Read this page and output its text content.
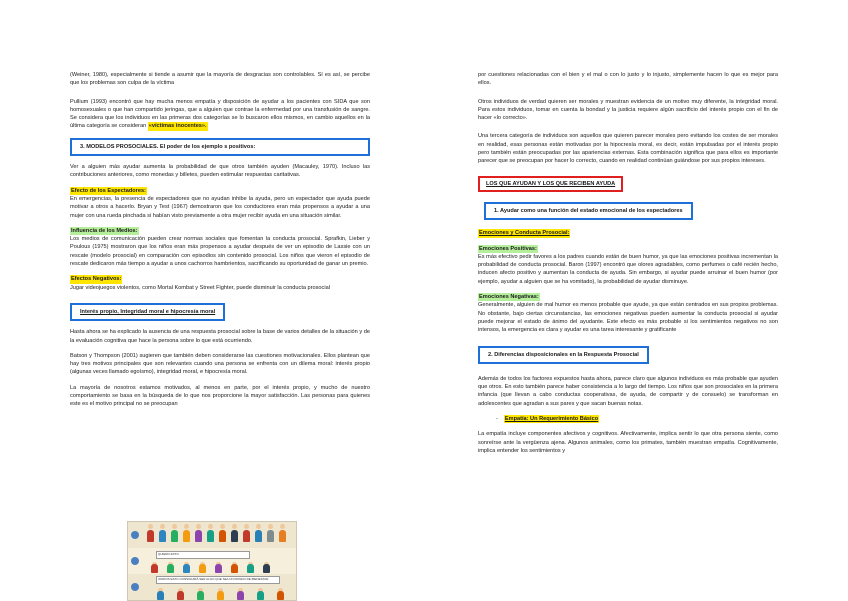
(Weiner, 1980), especialmente si tiende a asumir que la mayoría de desgracias son controlables. Sí es así, se percibe que los problemas son culpa de la víctima

Pullium (1993) encontró que hay mucha menos empatía y disposición de ayudar a los pacientes con SIDA que son homosexuales o que han compartido jeringas, que a alguien que contrae la enfermedad por una transfusión de sangre. Se considera que los individuos en las primeras dos categorías se lo buscaron ellos mismos, en cambio aquellos en la última categoría se consideran «víctimas inocentes».

3. MODELOS PROSOCIALES. El poder de los ejemplo s positivos:

Ver a alguien más ayudar aumenta la probabilidad de que otros también ayuden (Macauley, 1970). Incluso las contribuciones anteriores, como monedas y billetes, pueden estimular respuestas caritativas.

Efecto de los Espectadores:

En emergencias, la presencia de espectadores que no ayudan inhibe la ayuda, pero un espectador que ayuda puede motivar a otros a hacerlo. Bryan y Test (1967) demostraron que los conductores eran más propensos a ayudar a una mujer con una rueda pinchada si habían visto previamente a otra mujer recibir ayuda en una situación similar.

Influencia de los Medios:

Los medios de comunicación pueden crear normas sociales que fomentan la conducta prosocial. Sprafkin, Lieber y Poulous (1975) mostraron que los niños eran más propensos a ayudar después de ver un episodio de Lassie con un rescate (modelo prosocial) en comparación con episodios sin contenido prosocial. Los niños que vieron el episodio de rescate dedicaron más tiempo a ayudar a unos cachorros hambrientos, sacrificando su oportunidad de ganar un premio.

Efectos Negativos:

Jugar videojuegos violentos, como Mortal Kombat y Street Fighter, puede disminuir la conducta prosocial

Interés propio, Integridad moral e hipocresía moral

Hasta ahora se ha explicado la ausencia de una respuesta prosocial sobre la base de varios detalles de la situación y de la evaluación cognitiva que hace la persona sobre lo que está ocurriendo.

Batson y Thompson (2001) sugieren que también deben considerarse las cuestiones motivacionales. Ellos plantean que hay tres motivos principales que son relevantes cuando una persona se enfrenta con un dilema moral: interés propio (algunas veces llamado egoísmo), integridad moral, e hipocresía moral.

La mayoría de nosotros estamos motivados, al menos en parte, por el interés propio, y mucho de nuestro comportamiento se basa en la búsqueda de lo que nos proporcione la mayor satisfacción. Las personas para quienes este es el motivo principal no se preocupan

QUIERO ESTO
UNIDOS ESTO CONSIGUIRÁ SER ALGO QUE SEA UN MUNDO DE BIENESTAR

por cuestiones relacionadas con el bien y el mal o con lo justo y lo injusto, simplemente hacen lo que es mejor para ellos.

Otros individuos de verdad quieren ser morales y muestran evidencia de un motivo muy diferente, la integridad moral. Para estos individuos, tomar en cuenta la bondad y la justicia requiere algún sacrificio del interés propio con el fin de hacer «lo correcto».

Una tercera categoría de individuos son aquellos que quieren parecer morales pero evitando los costes de ser morales en realidad, esas personas están motivadas por la hipocresía moral, es decir, están impulsadas por el interés propio pero también están preocupadas por las apariencias externas. Esta combinación significa que para ellos es importante parecer que se preocupan por hacer lo correcto, cuando en realidad continúan guiándose por sus propios intereses.

LOS QUE AYUDAN Y LOS QUE RECIBEN AYUDA
1. Ayudar como una función del estado emocional de los espectadores
Emociones y Conducta Prosocial:
Emociones Positivas:

Es más efectivo pedir favores a los padres cuando están de buen humor, ya que las emociones positivas incrementan la probabilidad de conducta prosocial. Baron (1997) encontró que olores agradables, como perfumes o café recién hecho, inducen afecto positivo y aumentan la conducta de ayuda. Sin embargo, si ayudar puede arruinar el buen humor (por ejemplo, ayudar a alguien que se ha vomitado), la probabilidad de ayudar disminuye.

Emociones Negativas:

Generalmente, alguien de mal humor es menos probable que ayude, ya que están centrados en sus propios problemas. No obstante, bajo ciertas circunstancias, las emociones negativas pueden aumentar la conducta prosocial si ayudar puede mejorar el estado de ánimo del ayudante. Este efecto es más probable si los sentimientos negativos no son intensos, la emergencia es clara y ayudar es una tarea interesante y gratificante

2. Diferencias disposicionales en la Respuesta Prosocial

Además de todos los factores expuestos hasta ahora, parece claro que algunos individuos es más probable que ayuden que otros. En esto también parece haber consistencia a lo largo del tiempo. Los niños que son prosociales en la primera infancia (que llevan a cabo conductas cooperativas, de ayuda, de compartir y de consuelo) se transforman en adolescentes que agradan a sus pares y que sacan buenas notas.

- Empatía: Un Requerimiento Básico

La empatía incluye componentes afectivos y cognitivos. Afectivamente, implica sentir lo que otra persona siente, como sonreírse ante la vergüenza ajena. Algunos animales, como los primates, también muestran empatía. Cognitivamente, implica entender los sentimientos y
